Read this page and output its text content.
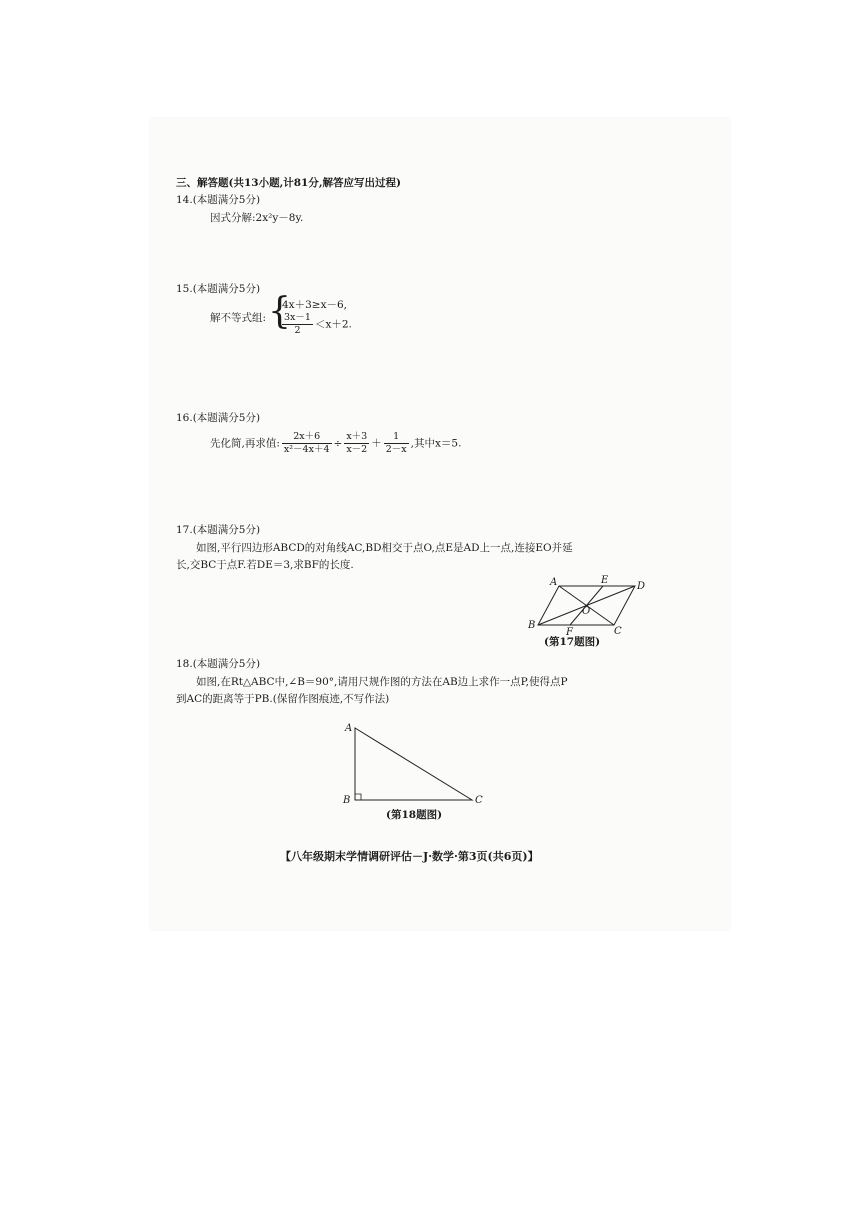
三、解答题(共13小题,计81分,解答应写出过程)
14.(本题满分5分)
因式分解:2x²y－8y.
15.(本题满分5分)
解不等式组: {
4x＋3≥x－6,
$\frac{3x-1}{2} <x+2$.
16.(本题满分5分)
先化简,再求值: $\frac{2x+6}{\text{x²－4x＋4}} \div \frac{x+3}{x-2} + \frac{1}{2-x}$ ,其中x＝5.
17.(本题满分5分)
如图,平行四边形ABCD的对角线AC,BD相交于点O,点E是AD上一点,连接EO并延
长,交BC于点F.若DE＝3,求BF的长度.
A	D
E
O
B
F	C
(第17题图)
18.(本题满分5分)
如图,在Rt△ABC中,∠B＝90°,请用尺规作图的方法在AB边上求作一点P,使得点P
到AC的距离等于PB.(保留作图痕迹,不写作法)
A
B	C
(第18题图)
【八年级期末学情调研评估－J·数学·第3页(共6页)】
